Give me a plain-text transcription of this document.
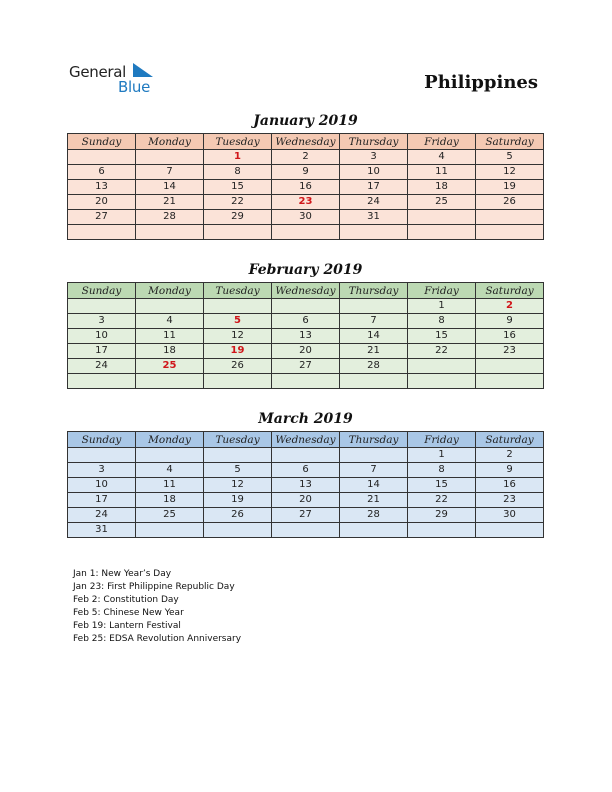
General
Blue	Philippines
January 2019
Sunday	Monday	Tuesday	Wednesday	Thursday	Friday	Saturday
		1	2	3	4	5
6	7	8	9	10	11	12
13	14	15	16	17	18	19
20	21	22	23	24	25	26
27	28	29	30	31		

February 2019
Sunday	Monday	Tuesday	Wednesday	Thursday	Friday	Saturday
					1	2
3	4	5	6	7	8	9
10	11	12	13	14	15	16
17	18	19	20	21	22	23
24	25	26	27	28		

March 2019
Sunday	Monday	Tuesday	Wednesday	Thursday	Friday	Saturday
					1	2
3	4	5	6	7	8	9
10	11	12	13	14	15	16
17	18	19	20	21	22	23
24	25	26	27	28	29	30
31						
Jan 1: New Year’s Day
Jan 23: First Philippine Republic Day
Feb 2: Constitution Day
Feb 5: Chinese New Year
Feb 19: Lantern Festival
Feb 25: EDSA Revolution Anniversary
